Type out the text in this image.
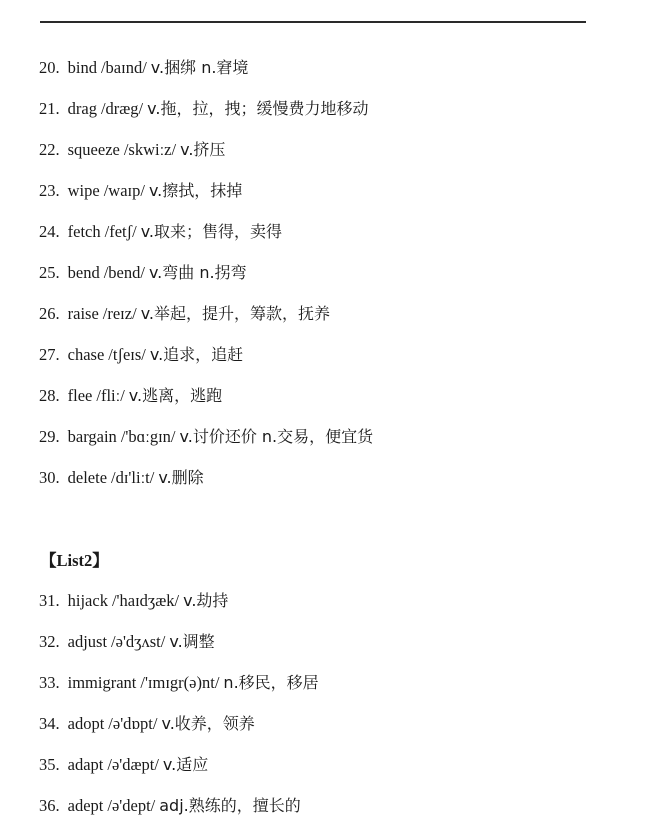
20. bind /baɪnd/ v.捆绑 n.窘境
21. drag /dræg/ v.拖，拉，拽；缓慢费力地移动
22. squeeze /skwiːz/ v.挤压
23. wipe /waɪp/ v.擦拭，抹掉
24. fetch /fetʃ/ v.取来；售得，卖得
25. bend /bend/ v.弯曲 n.拐弯
26. raise /reɪz/ v.举起，提升，筹款，抚养
27. chase /tʃeɪs/ v.追求，追赶
28. flee /fliː/ v.逃离，逃跑
29. bargain /'bɑːgɪn/ v.讨价还价 n.交易，便宜货
30. delete /dɪ'liːt/ v.删除
31. hijack /'haɪdʒæk/ v.劫持
32. adjust /ə'dʒʌst/ v.调整
33. immigrant /'ɪmɪgr(ə)nt/ n.移民，移居
34. adopt /ə'dɒpt/ v.收养，领养
35. adapt /ə'dæpt/ v.适应
36. adept /ə'dept/ adj.熟练的，擅长的
【List2】
